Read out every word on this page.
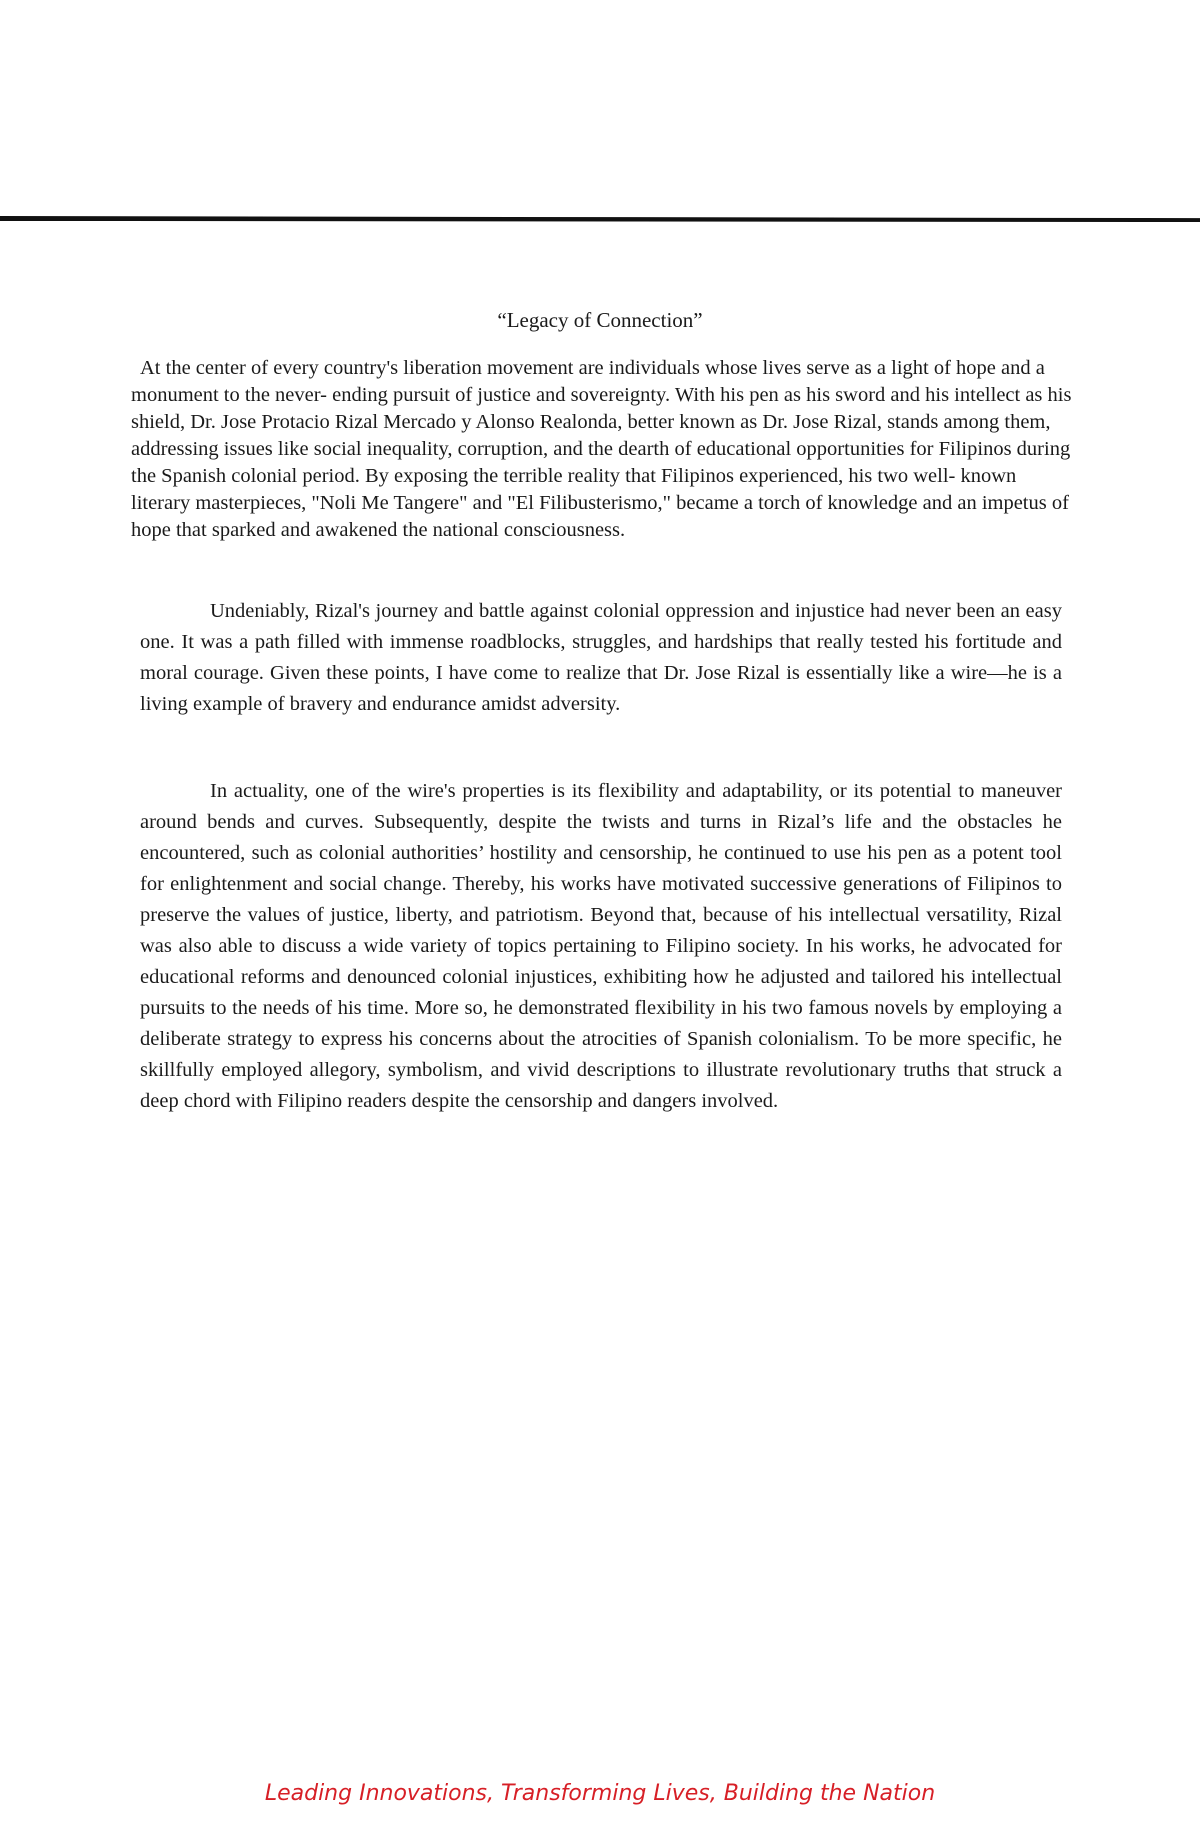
“Legacy of Connection”

At the center of every country's liberation movement are individuals whose lives serve as a light of hope and a monument to the never- ending pursuit of justice and sovereignty. With his pen as his sword and his intellect as his shield, Dr. Jose Protacio Rizal Mercado y Alonso Realonda, better known as Dr. Jose Rizal, stands among them, addressing issues like social inequality, corruption, and the dearth of educational opportunities for Filipinos during the Spanish colonial period. By exposing the terrible reality that Filipinos experienced, his two well- known literary masterpieces, "Noli Me Tangere" and "El Filibusterismo," became a torch of knowledge and an impetus of hope that sparked and awakened the national consciousness.

Undeniably, Rizal's journey and battle against colonial oppression and injustice had never been an easy one. It was a path filled with immense roadblocks, struggles, and hardships that really tested his fortitude and moral courage. Given these points, I have come to realize that Dr. Jose Rizal is essentially like a wire—he is a living example of bravery and endurance amidst adversity.

In actuality, one of the wire's properties is its flexibility and adaptability, or its potential to maneuver around bends and curves. Subsequently, despite the twists and turns in Rizal’s life and the obstacles he encountered, such as colonial authorities’ hostility and censorship, he continued to use his pen as a potent tool for enlightenment and social change. Thereby, his works have motivated successive generations of Filipinos to preserve the values of justice, liberty, and patriotism. Beyond that, because of his intellectual versatility, Rizal was also able to discuss a wide variety of topics pertaining to Filipino society. In his works, he advocated for educational reforms and denounced colonial injustices, exhibiting how he adjusted and tailored his intellectual pursuits to the needs of his time. More so, he demonstrated flexibility in his two famous novels by employing a deliberate strategy to express his concerns about the atrocities of Spanish colonialism. To be more specific, he skillfully employed allegory, symbolism, and vivid descriptions to illustrate revolutionary truths that struck a deep chord with Filipino readers despite the censorship and dangers involved.

Leading Innovations, Transforming Lives, Building the Nation
